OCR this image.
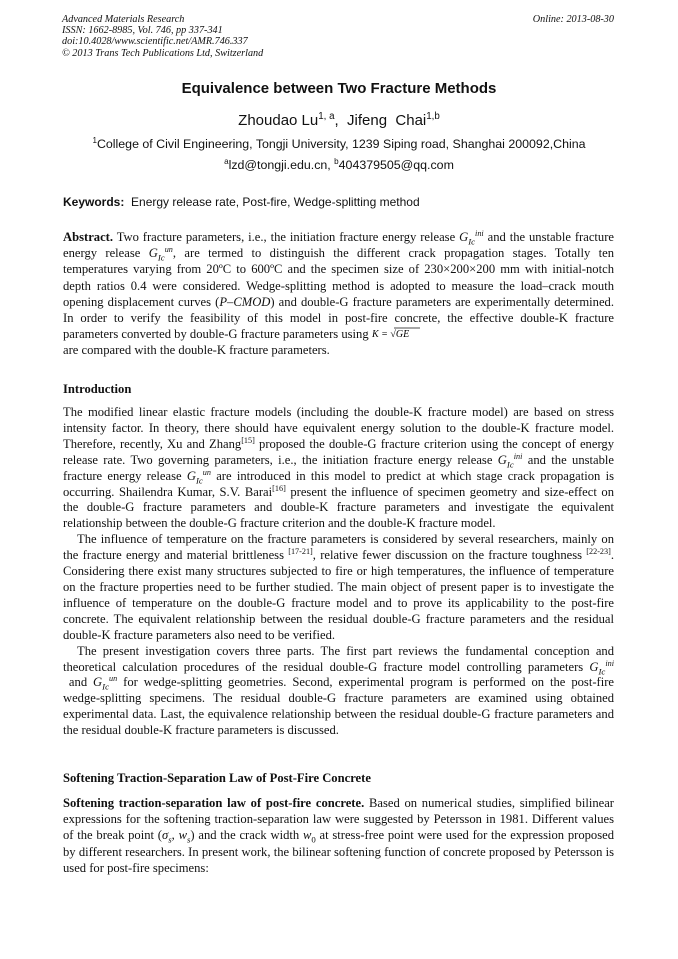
Advanced Materials Research
ISSN: 1662-8985, Vol. 746, pp 337-341
doi:10.4028/www.scientific.net/AMR.746.337
© 2013 Trans Tech Publications Ltd, Switzerland
Online: 2013-08-30
Equivalence between Two Fracture Methods
Zhoudao Lu$^{1, a}$,  Jifeng  Chai$^{1,b}$
$^1$College of Civil Engineering, Tongji University, 1239 Siping road, Shanghai 200092,China
$^a$lzd@tongji.edu.cn, $^b$404379505@qq.com
Keywords: Energy release rate, Post-fire, Wedge-splitting method
Abstract. Two fracture parameters, i.e., the initiation fracture energy release $G_{Ic}^{ini}$ and the unstable fracture energy release $G_{Ic}^{un}$, are termed to distinguish the different crack propagation stages. Totally ten temperatures varying from 20ºC to 600ºC and the specimen size of 230×200×200 mm with initial-notch depth ratios 0.4 were considered. Wedge-splitting method is adopted to measure the load–crack mouth opening displacement curves (P–CMOD) and double-G fracture parameters are experimentally determined. In order to verify the feasibility of this model in post-fire concrete, the effective double-K fracture parameters converted by double-G fracture parameters using K = √GE

are compared with the double-K fracture parameters.
Introduction

The modified linear elastic fracture models (including the double-K fracture model) are based on stress intensity factor. In theory, there should have equivalent energy solution to the double-K fracture model. Therefore, recently, Xu and Zhang[15] proposed the double-G fracture criterion using the concept of energy release rate. Two governing parameters, i.e., the initiation fracture energy release $G_{Ic}^{ini}$ and the unstable fracture energy release $G_{Ic}^{un}$ are introduced in this model to predict at which stage crack propagation is occurring. Shailendra Kumar, S.V. Barai[16] present the influence of specimen geometry and size-effect on the double-G fracture parameters and double-K fracture parameters and investigate the equivalent relationship between the double-G fracture criterion and the double-K fracture model.

The influence of temperature on the fracture parameters is considered by several researchers, mainly on the fracture energy and material brittleness [17-21], relative fewer discussion on the fracture toughness [22-23]. Considering there exist many structures subjected to fire or high temperatures, the influence of temperature on the fracture properties need to be further studied. The main object of present paper is to investigate the influence of temperature on the double-G fracture model and to prove its applicability to the post-fire concrete. The equivalent relationship between the residual double-G fracture parameters and the residual double-K fracture parameters also need to be verified.

The present investigation covers three parts. The first part reviews the fundamental conception and theoretical calculation procedures of the residual double-G fracture model controlling parameters $G_{Ic}^{ini}$ and $G_{Ic}^{un}$ for wedge-splitting geometries. Second, experimental program is performed on the post-fire wedge-splitting specimens. The residual double-G fracture parameters are examined using obtained experimental data. Last, the equivalence relationship between the residual double-G fracture parameters and the residual double-K fracture parameters is discussed.

Softening Traction-Separation Law of Post-Fire Concrete
Softening traction-separation law of post-fire concrete. Based on numerical studies, simplified bilinear expressions for the softening traction-separation law were suggested by Petersson in 1981. Different values of the break point ($\sigma_s$, $w_s$) and the crack width $w_0$ at stress-free point were used for the expression proposed by different researchers. In present work, the bilinear softening function of concrete proposed by Petersson is used for post-fire specimens:
